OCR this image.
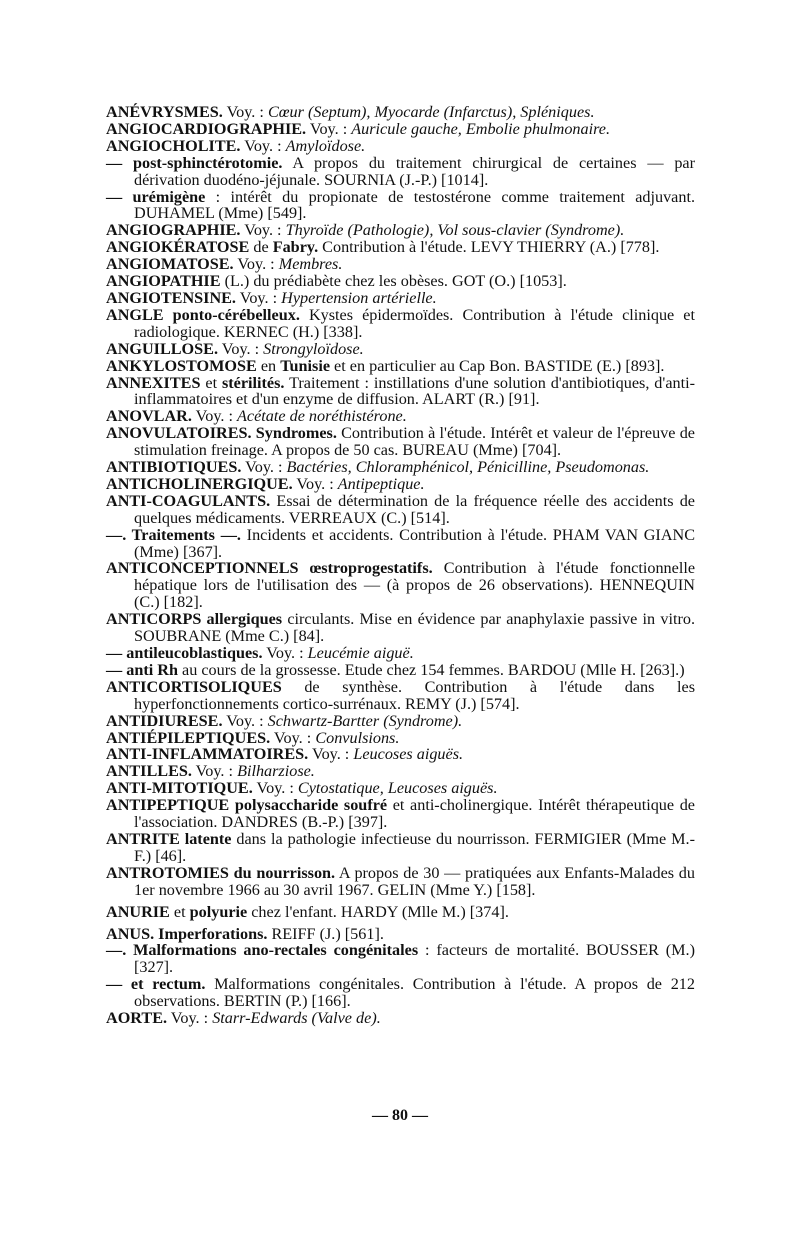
ANÉVRYSMES. Voy. : Cœur (Septum), Myocarde (Infarctus), Spléniques.

ANGIOCARDIOGRAPHIE. Voy. : Auricule gauche, Embolie phulmonaire.

ANGIOCHOLITE. Voy. : Amyloïdose.

— post-sphinctérotomie. A propos du traitement chirurgical de certaines — par dérivation duodéno-jéjunale. SOURNIA (J.-P.) [1014].

— urémigène : intérêt du propionate de testostérone comme traitement adjuvant. DUHAMEL (Mme) [549].

ANGIOGRAPHIE. Voy. : Thyroïde (Pathologie), Vol sous-clavier (Syndrome).

ANGIOKÉRATOSE de Fabry. Contribution à l'étude. LEVY THIERRY (A.) [778].

ANGIOMATOSE. Voy. : Membres.

ANGIOPATHIE (L.) du prédiabète chez les obèses. GOT (O.) [1053].

ANGIOTENSINE. Voy. : Hypertension artérielle.

ANGLE ponto-cérébelleux. Kystes épidermoïdes. Contribution à l'étude clinique et radiologique. KERNEC (H.) [338].

ANGUILLOSE. Voy. : Strongyloïdose.

ANKYLOSTOMOSE en Tunisie et en particulier au Cap Bon. BASTIDE (E.) [893].

ANNEXITES et stérilités. Traitement : instillations d'une solution d'antibiotiques, d'anti-inflammatoires et d'un enzyme de diffusion. ALART (R.) [91].

ANOVLAR. Voy. : Acétate de noréthistérone.

ANOVULATOIRES. Syndromes. Contribution à l'étude. Intérêt et valeur de l'épreuve de stimulation freinage. A propos de 50 cas. BUREAU (Mme) [704].

ANTIBIOTIQUES. Voy. : Bactéries, Chloramphénicol, Pénicilline, Pseudomonas.

ANTICHOLINERGIQUE. Voy. : Antipeptique.

ANTI-COAGULANTS. Essai de détermination de la fréquence réelle des accidents de quelques médicaments. VERREAUX (C.) [514].

—. Traitements —. Incidents et accidents. Contribution à l'étude. PHAM VAN GIANC (Mme) [367].

ANTICONCEPTIONNELS œstroprogestatifs. Contribution à l'étude fonctionnelle hépatique lors de l'utilisation des — (à propos de 26 observations). HENNEQUIN (C.) [182].

ANTICORPS allergiques circulants. Mise en évidence par anaphylaxie passive in vitro. SOUBRANE (Mme C.) [84].

— antileucoblastiques. Voy. : Leucémie aiguë.

— anti Rh au cours de la grossesse. Etude chez 154 femmes. BARDOU (Mlle H. [263].)

ANTICORTISOLIQUES de synthèse. Contribution à l'étude dans les hyperfonctionnements cortico-surrénaux. REMY (J.) [574].

ANTIDIURESE. Voy. : Schwartz-Bartter (Syndrome).

ANTIÉPILEPTIQUES. Voy. : Convulsions.

ANTI-INFLAMMATOIRES. Voy. : Leucoses aiguës.

ANTILLES. Voy. : Bilharziose.

ANTI-MITOTIQUE. Voy. : Cytostatique, Leucoses aiguës.

ANTIPEPTIQUE polysaccharide soufré et anti-cholinergique. Intérêt thérapeutique de l'association. DANDRES (B.-P.) [397].

ANTRITE latente dans la pathologie infectieuse du nourrisson. FERMIGIER (Mme M.-F.) [46].

ANTROTOMIES du nourrisson. A propos de 30 — pratiquées aux Enfants-Malades du 1er novembre 1966 au 30 avril 1967. GELIN (Mme Y.) [158].

ANURIE et polyurie chez l'enfant. HARDY (Mlle M.) [374].

ANUS. Imperforations. REIFF (J.) [561].

—. Malformations ano-rectales congénitales : facteurs de mortalité. BOUSSER (M.) [327].

— et rectum. Malformations congénitales. Contribution à l'étude. A propos de 212 observations. BERTIN (P.) [166].

AORTE. Voy. : Starr-Edwards (Valve de).

— 80 —
